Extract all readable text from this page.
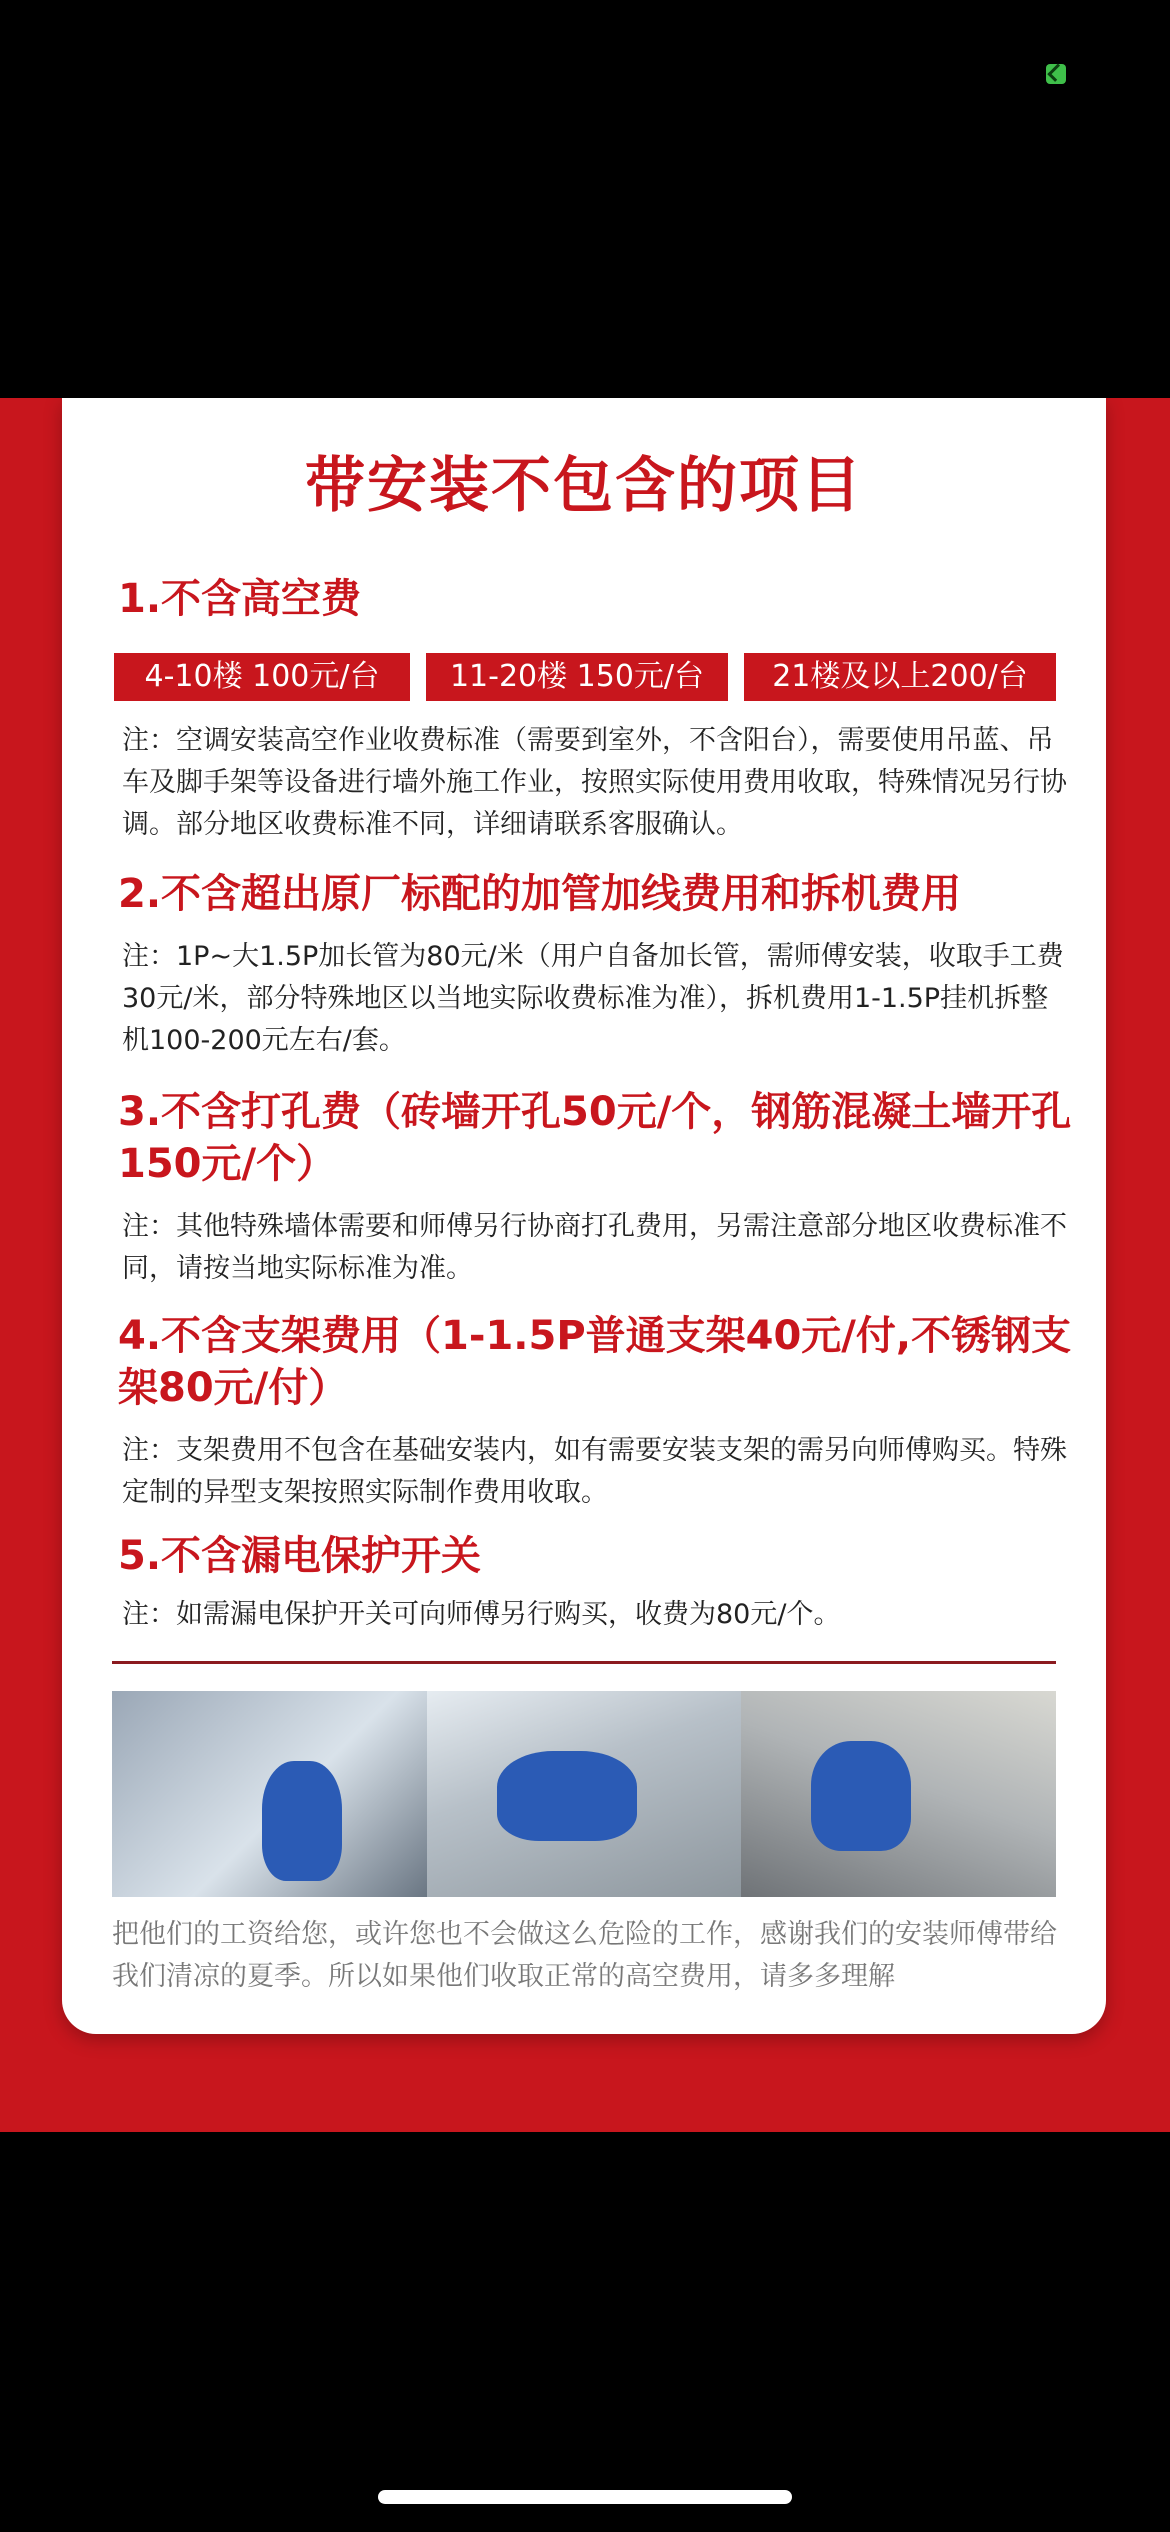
带安装不包含的项目
1.不含高空费
4-10楼 100元/台	11-20楼 150元/台	21楼及以上200/台
注：空调安装高空作业收费标准（需要到室外，不含阳台），需要使用吊蓝、吊车及脚手架等设备进行墙外施工作业，按照实际使用费用收取，特殊情况另行协调。部分地区收费标准不同，详细请联系客服确认。
2.不含超出原厂标配的加管加线费用和拆机费用
注：1P~大1.5P加长管为80元/米（用户自备加长管，需师傅安装，收取手工费30元/米，部分特殊地区以当地实际收费标准为准），拆机费用1-1.5P挂机拆整机100-200元左右/套。
3.不含打孔费（砖墙开孔50元/个，钢筋混凝土墙开孔150元/个）
注：其他特殊墙体需要和师傅另行协商打孔费用，另需注意部分地区收费标准不同，请按当地实际标准为准。
4.不含支架费用（1-1.5P普通支架40元/付,不锈钢支架80元/付）
注：支架费用不包含在基础安装内，如有需要安装支架的需另向师傅购买。特殊定制的异型支架按照实际制作费用收取。
5.不含漏电保护开关
注：如需漏电保护开关可向师傅另行购买，收费为80元/个。
把他们的工资给您，或许您也不会做这么危险的工作，感谢我们的安装师傅带给我们清凉的夏季。所以如果他们收取正常的高空费用，请多多理解
